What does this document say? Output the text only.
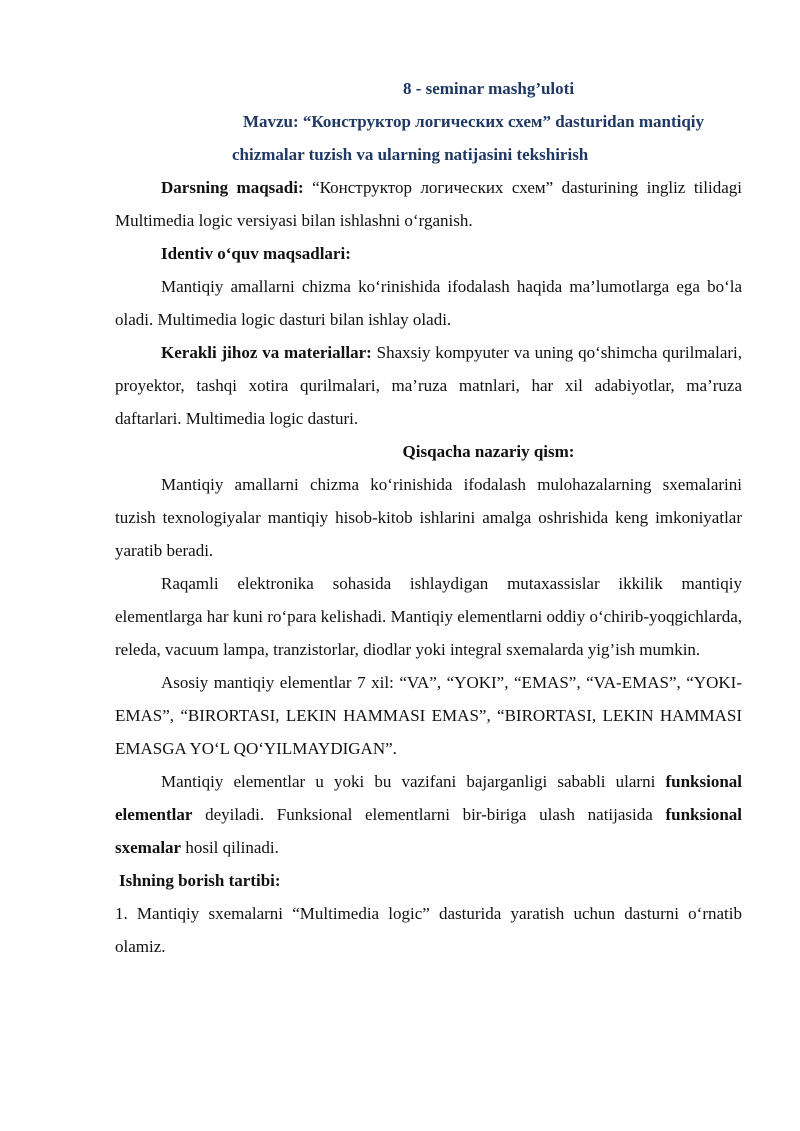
8 - seminar mashg’uloti

Mavzu: “Конструктор логических схем” dasturidan mantiqiy

chizmalar tuzish va ularning natijasini tekshirish

Darsning maqsadi: “Конструктор логических схем” dasturining ingliz tilidagi Multimedia logic versiyasi bilan ishlashni o‘rganish.

Identiv o‘quv maqsadlari:

Mantiqiy amallarni chizma ko‘rinishida ifodalash haqida ma’lumotlarga ega bo‘la oladi. Multimedia logic dasturi bilan ishlay oladi.

Kerakli jihoz va materiallar: Shaxsiy kompyuter va uning qo‘shimcha qurilmalari, proyektor, tashqi xotira qurilmalari, ma’ruza matnlari, har xil adabiyotlar, ma’ruza daftarlari. Multimedia logic dasturi.

Qisqacha nazariy qism:

Mantiqiy amallarni chizma ko‘rinishida ifodalash mulohazalarning sxemalarini tuzish texnologiyalar mantiqiy hisob-kitob ishlarini amalga oshrishida keng imkoniyatlar yaratib beradi.

Raqamli elektronika sohasida ishlaydigan mutaxassislar ikkilik mantiqiy elementlarga har kuni ro‘para kelishadi. Mantiqiy elementlarni oddiy o‘chirib-yoqgichlarda, releda, vacuum lampa, tranzistorlar, diodlar yoki integral sxemalarda yig’ish mumkin.

Asosiy mantiqiy elementlar 7 xil: “VA”, “YOKI”, “EMAS”, “VA-EMAS”, “YOKI-EMAS”, “BIRORTASI, LEKIN HAMMASI EMAS”, “BIRORTASI, LEKIN HAMMASI EMASGA YO‘L QO‘YILMAYDIGAN”.

Mantiqiy elementlar u yoki bu vazifani bajarganligi sababli ularni funksional elementlar deyiladi. Funksional elementlarni bir-biriga ulash natijasida funksional sxemalar hosil qilinadi.

Ishning borish tartibi:

1. Mantiqiy sxemalarni “Multimedia logic” dasturida yaratish uchun dasturni o‘rnatib olamiz.
